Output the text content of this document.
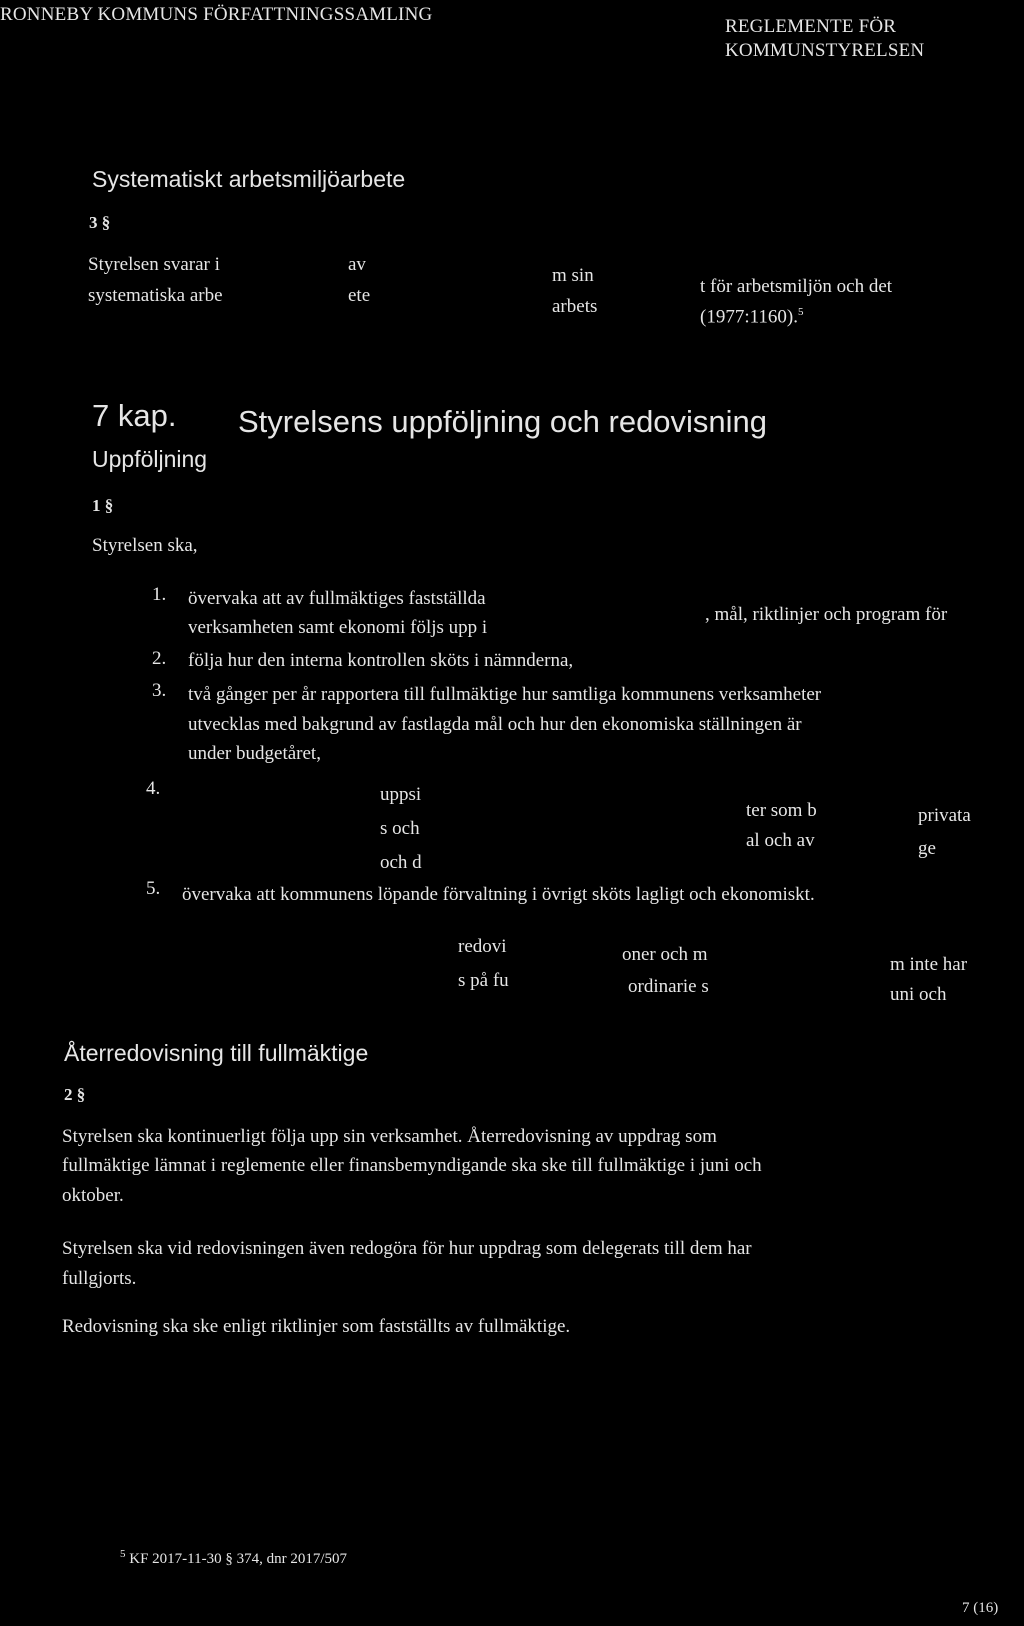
RONNEBY KOMMUNS FÖRFATTNINGSSAMLING
REGLEMENTE FÖR
KOMMUNSTYRELSEN
Systematiskt arbetsmiljöarbete
3 §
Styrelsen svarar i
systematiska arbe
av
ete
m sin
arbets
t för arbetsmiljön och det
(1977:1160).$^5$
7 kap. Styrelsens uppföljning och redovisning
Uppföljning
1 §
Styrelsen ska,
1. övervaka att av fullmäktiges fastställda
, mål, riktlinjer och program för
verksamheten samt ekonomi följs upp i
2. följa hur den interna kontrollen sköts i nämnderna,
3. två gånger per år rapportera till fullmäktige hur samtliga kommunens verksamheter
utvecklas med bakgrund av fastlagda mål och hur den ekonomiska ställningen är
under budgetåret,
4.	uppsi
s och
och d
ter som b
al och av
privata
ge
5. övervaka att kommunens löpande förvaltning i övrigt sköts lagligt och ekonomiskt.
redovi
s på fu
oner och m
ordinarie s
m inte har
uni och
Återredovisning till fullmäktige
2 §
Styrelsen ska kontinuerligt följa upp sin verksamhet. Återredovisning av uppdrag som
fullmäktige lämnat i reglemente eller finansbemyndigande ska ske till fullmäktige i juni och
oktober.
Styrelsen ska vid redovisningen även redogöra för hur uppdrag som delegerats till dem har
fullgjorts.
Redovisning ska ske enligt riktlinjer som fastställts av fullmäktige.
$^5$ KF 2017-11-30 § 374, dnr 2017/507
7 (16)
